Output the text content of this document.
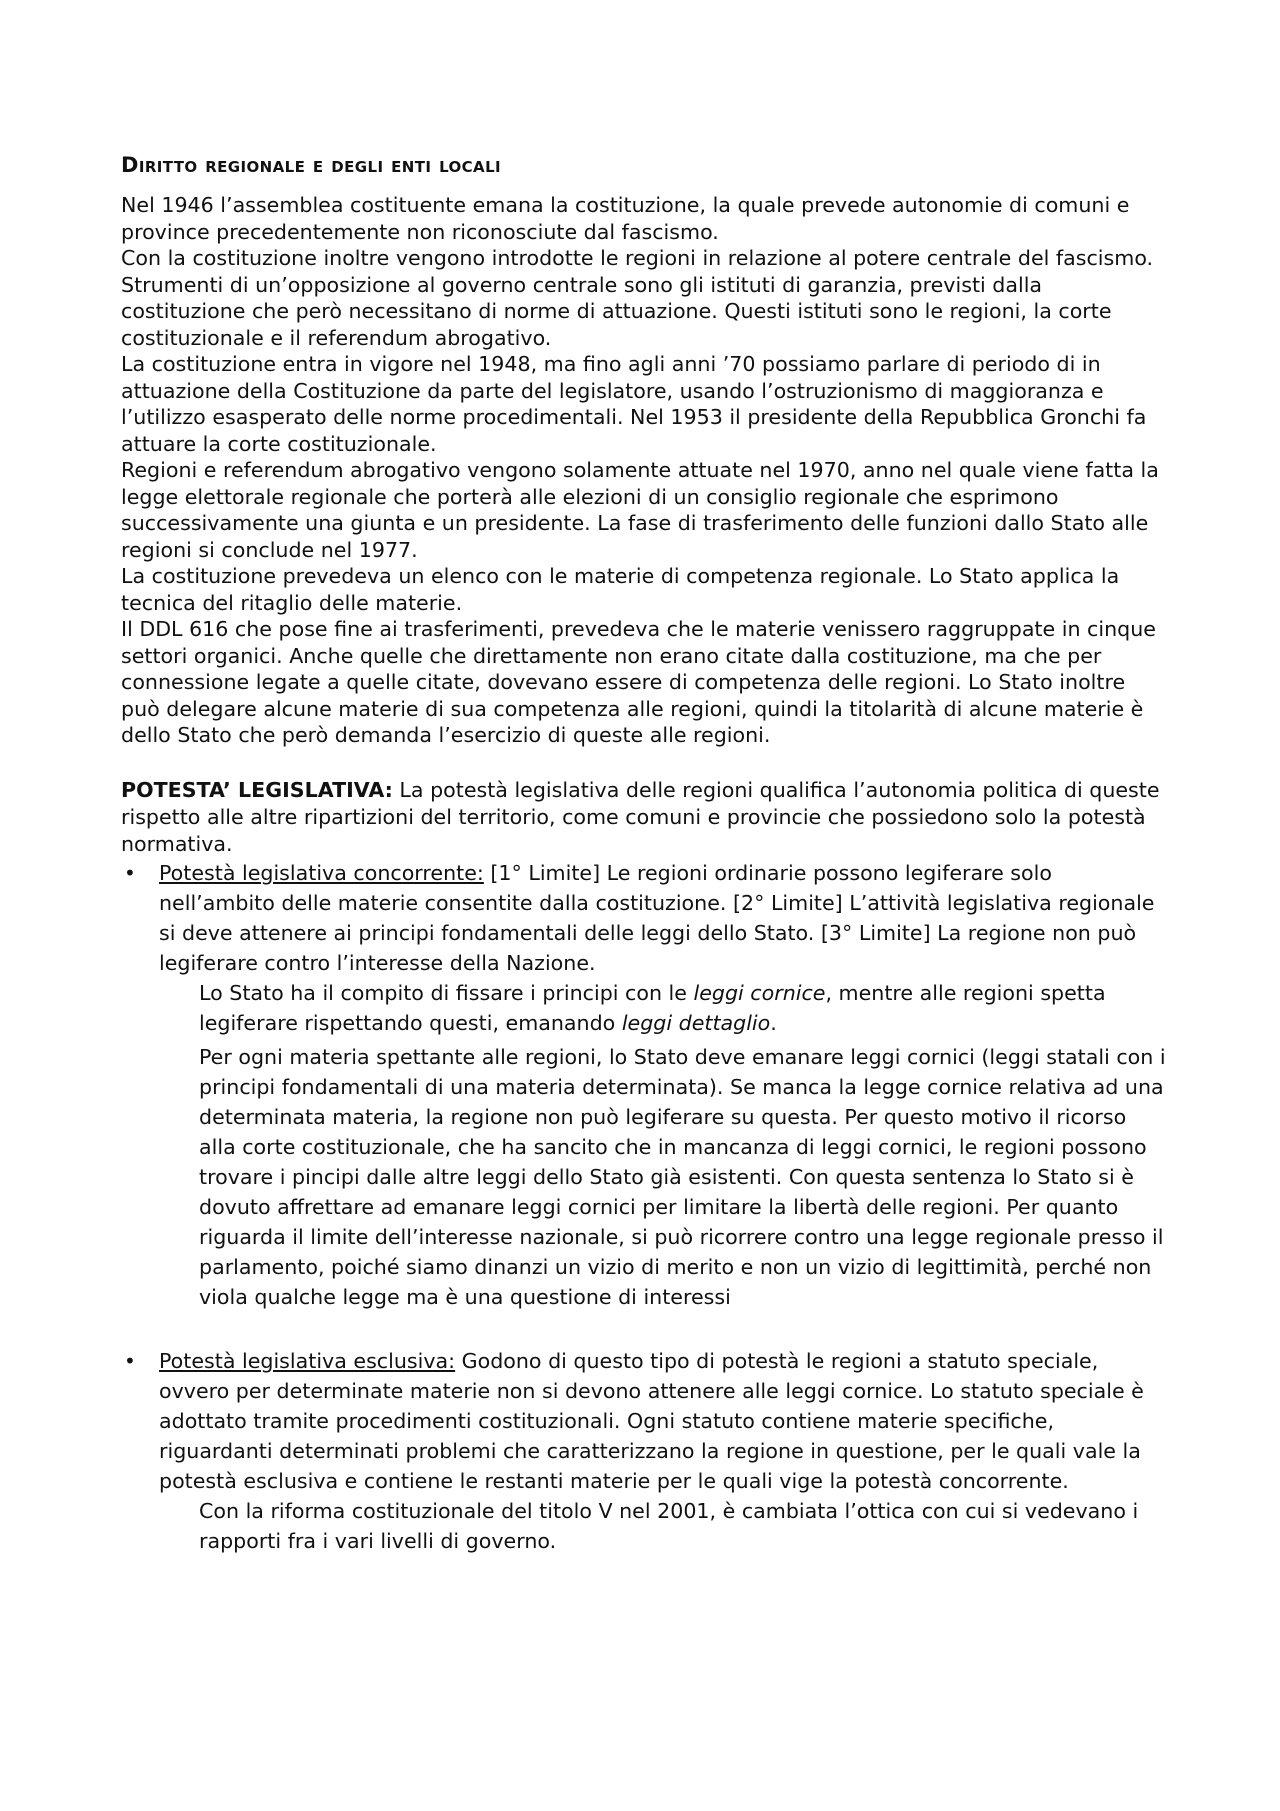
Diritto regionale e degli enti locali

Nel 1946 l’assemblea costituente emana la costituzione, la quale prevede autonomie di comuni e province precedentemente non riconosciute dal fascismo.

Con la costituzione inoltre vengono introdotte le regioni in relazione al potere centrale del fascismo.

Strumenti di un’opposizione al governo centrale sono gli istituti di garanzia, previsti dalla costituzione che però necessitano di norme di attuazione. Questi istituti sono le regioni, la corte costituzionale e il referendum abrogativo.

La costituzione entra in vigore nel 1948, ma fino agli anni ’70 possiamo parlare di periodo di in attuazione della Costituzione da parte del legislatore, usando l’ostruzionismo di maggioranza e l’utilizzo esasperato delle norme procedimentali. Nel 1953 il presidente della Repubblica Gronchi fa attuare la corte costituzionale.

Regioni e referendum abrogativo vengono solamente attuate nel 1970, anno nel quale viene fatta la legge elettorale regionale che porterà alle elezioni di un consiglio regionale che esprimono successivamente una giunta e un presidente. La fase di trasferimento delle funzioni dallo Stato alle regioni si conclude nel 1977.

La costituzione prevedeva un elenco con le materie di competenza regionale. Lo Stato applica la tecnica del ritaglio delle materie.

Il DDL 616 che pose fine ai trasferimenti, prevedeva che le materie venissero raggruppate in cinque settori organici. Anche quelle che direttamente non erano citate dalla costituzione, ma che per connessione legate a quelle citate, dovevano essere di competenza delle regioni. Lo Stato inoltre può delegare alcune materie di sua competenza alle regioni, quindi la titolarità di alcune materie è dello Stato che però demanda l’esercizio di queste alle regioni.

POTESTA’ LEGISLATIVA: La potestà legislativa delle regioni qualifica l’autonomia politica di queste rispetto alle altre ripartizioni del territorio, come comuni e provincie che possiedono solo la potestà normativa.

• Potestà legislativa concorrente: [1° Limite] Le regioni ordinarie possono legiferare solo nell’ambito delle materie consentite dalla costituzione. [2° Limite] L’attività legislativa regionale si deve attenere ai principi fondamentali delle leggi dello Stato. [3° Limite] La regione non può legiferare contro l’interesse della Nazione.

Lo Stato ha il compito di fissare i principi con le leggi cornice, mentre alle regioni spetta legiferare rispettando questi, emanando leggi dettaglio.

Per ogni materia spettante alle regioni, lo Stato deve emanare leggi cornici (leggi statali con i principi fondamentali di una materia determinata). Se manca la legge cornice relativa ad una determinata materia, la regione non può legiferare su questa. Per questo motivo il ricorso alla corte costituzionale, che ha sancito che in mancanza di leggi cornici, le regioni possono trovare i pincipi dalle altre leggi dello Stato già esistenti. Con questa sentenza lo Stato si è dovuto affrettare ad emanare leggi cornici per limitare la libertà delle regioni. Per quanto riguarda il limite dell’interesse nazionale, si può ricorrere contro una legge regionale presso il parlamento, poiché siamo dinanzi un vizio di merito e non un vizio di legittimità, perché non viola qualche legge ma è una questione di interessi

• Potestà legislativa esclusiva: Godono di questo tipo di potestà le regioni a statuto speciale, ovvero per determinate materie non si devono attenere alle leggi cornice. Lo statuto speciale è adottato tramite procedimenti costituzionali. Ogni statuto contiene materie specifiche, riguardanti determinati problemi che caratterizzano la regione in questione, per le quali vale la potestà esclusiva e contiene le restanti materie per le quali vige la potestà concorrente.

Con la riforma costituzionale del titolo V nel 2001, è cambiata l’ottica con cui si vedevano i rapporti fra i vari livelli di governo.
